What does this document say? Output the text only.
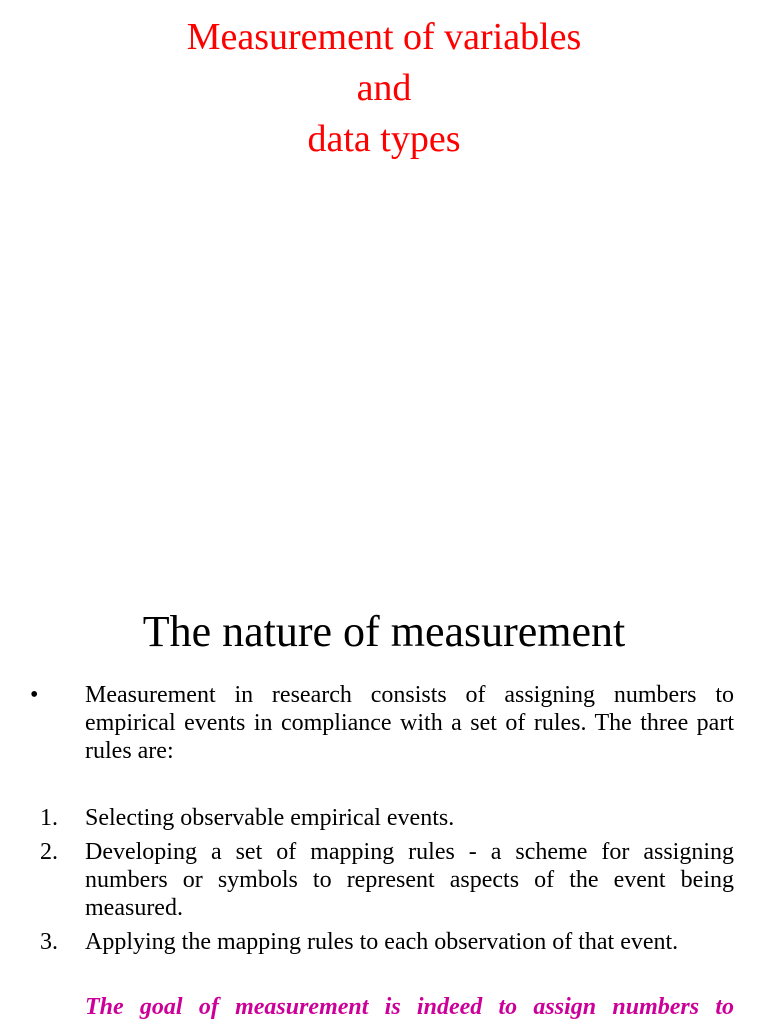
Measurement of variables
and
data types
The nature of measurement
• Measurement in research consists of assigning numbers to empirical events in compliance with a set of rules. The three part rules are:
1. Selecting observable empirical events.
2. Developing a set of mapping rules - a scheme for assigning numbers or symbols to represent aspects of the event being measured.
3. Applying the mapping rules to each observation of that event.
The goal of measurement is indeed to assign numbers to
